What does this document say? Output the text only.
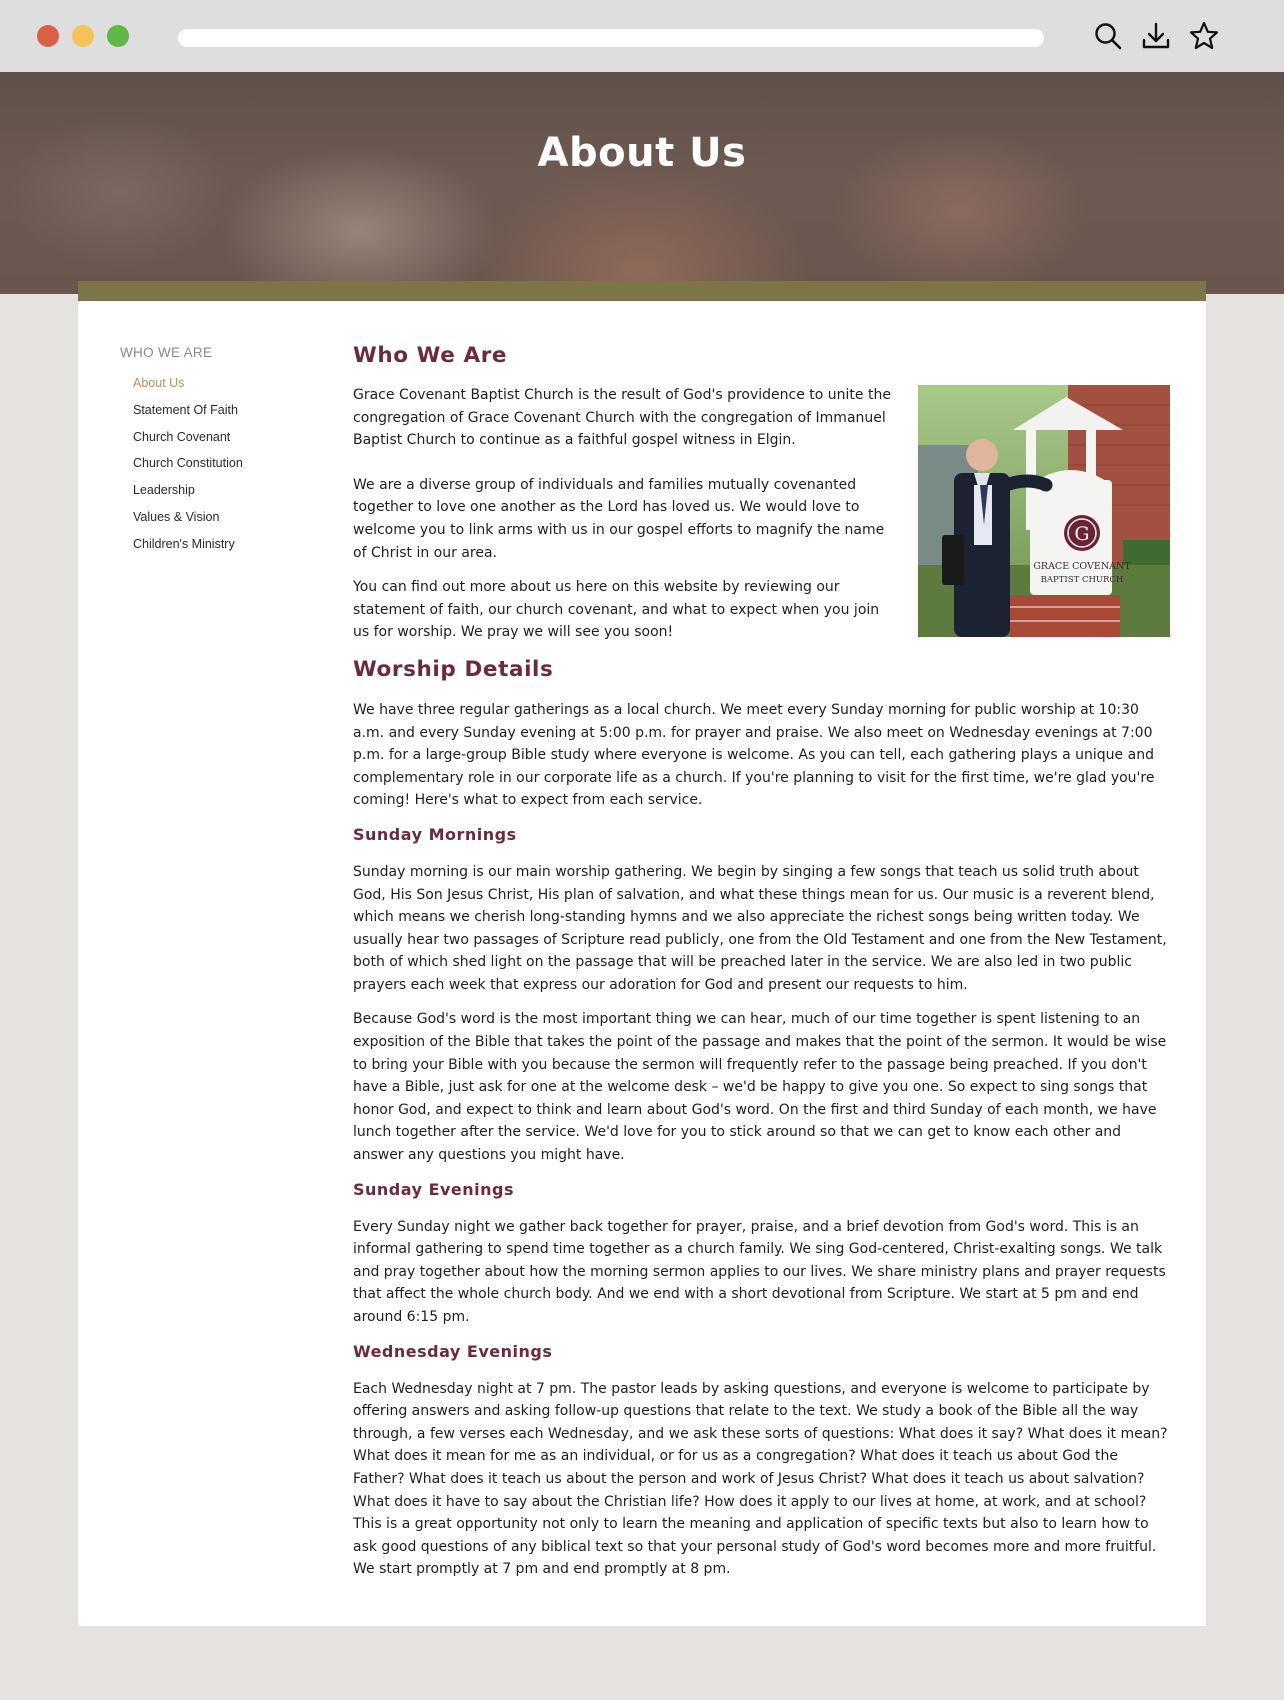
About Us
WHO WE ARE
About Us
Statement Of Faith
Church Covenant
Church Constitution
Leadership
Values & Vision
Children's Ministry
Who We Are

Grace Covenant Baptist Church is the result of God's providence to unite the congregation of Grace Covenant Church with the congregation of Immanuel Baptist Church to continue as a faithful gospel witness in Elgin.

We are a diverse group of individuals and families mutually covenanted together to love one another as the Lord has loved us. We would love to welcome you to link arms with us in our gospel efforts to magnify the name of Christ in our area.

You can find out more about us here on this website by reviewing our statement of faith, our church covenant, and what to expect when you join us for worship. We pray we will see you soon!

G
GRACE COVENANT
BAPTIST CHURCH
Worship Details

We have three regular gatherings as a local church. We meet every Sunday morning for public worship at 10:30 a.m. and every Sunday evening at 5:00 p.m. for prayer and praise. We also meet on Wednesday evenings at 7:00 p.m. for a large-group Bible study where everyone is welcome. As you can tell, each gathering plays a unique and complementary role in our corporate life as a church. If you're planning to visit for the first time, we're glad you're coming! Here's what to expect from each service.

Sunday Mornings

Sunday morning is our main worship gathering. We begin by singing a few songs that teach us solid truth about God, His Son Jesus Christ, His plan of salvation, and what these things mean for us. Our music is a reverent blend, which means we cherish long-standing hymns and we also appreciate the richest songs being written today. We usually hear two passages of Scripture read publicly, one from the Old Testament and one from the New Testament, both of which shed light on the passage that will be preached later in the service. We are also led in two public prayers each week that express our adoration for God and present our requests to him.

Because God's word is the most important thing we can hear, much of our time together is spent listening to an exposition of the Bible that takes the point of the passage and makes that the point of the sermon. It would be wise to bring your Bible with you because the sermon will frequently refer to the passage being preached. If you don't have a Bible, just ask for one at the welcome desk – we'd be happy to give you one. So expect to sing songs that honor God, and expect to think and learn about God's word. On the first and third Sunday of each month, we have lunch together after the service. We'd love for you to stick around so that we can get to know each other and answer any questions you might have.

Sunday Evenings

Every Sunday night we gather back together for prayer, praise, and a brief devotion from God's word. This is an informal gathering to spend time together as a church family. We sing God-centered, Christ-exalting songs. We talk and pray together about how the morning sermon applies to our lives. We share ministry plans and prayer requests that affect the whole church body. And we end with a short devotional from Scripture. We start at 5 pm and end around 6:15 pm.

Wednesday Evenings

Each Wednesday night at 7 pm. The pastor leads by asking questions, and everyone is welcome to participate by offering answers and asking follow-up questions that relate to the text. We study a book of the Bible all the way through, a few verses each Wednesday, and we ask these sorts of questions: What does it say? What does it mean? What does it mean for me as an individual, or for us as a congregation? What does it teach us about God the Father? What does it teach us about the person and work of Jesus Christ? What does it teach us about salvation? What does it have to say about the Christian life? How does it apply to our lives at home, at work, and at school? This is a great opportunity not only to learn the meaning and application of specific texts but also to learn how to ask good questions of any biblical text so that your personal study of God's word becomes more and more fruitful. We start promptly at 7 pm and end promptly at 8 pm.
